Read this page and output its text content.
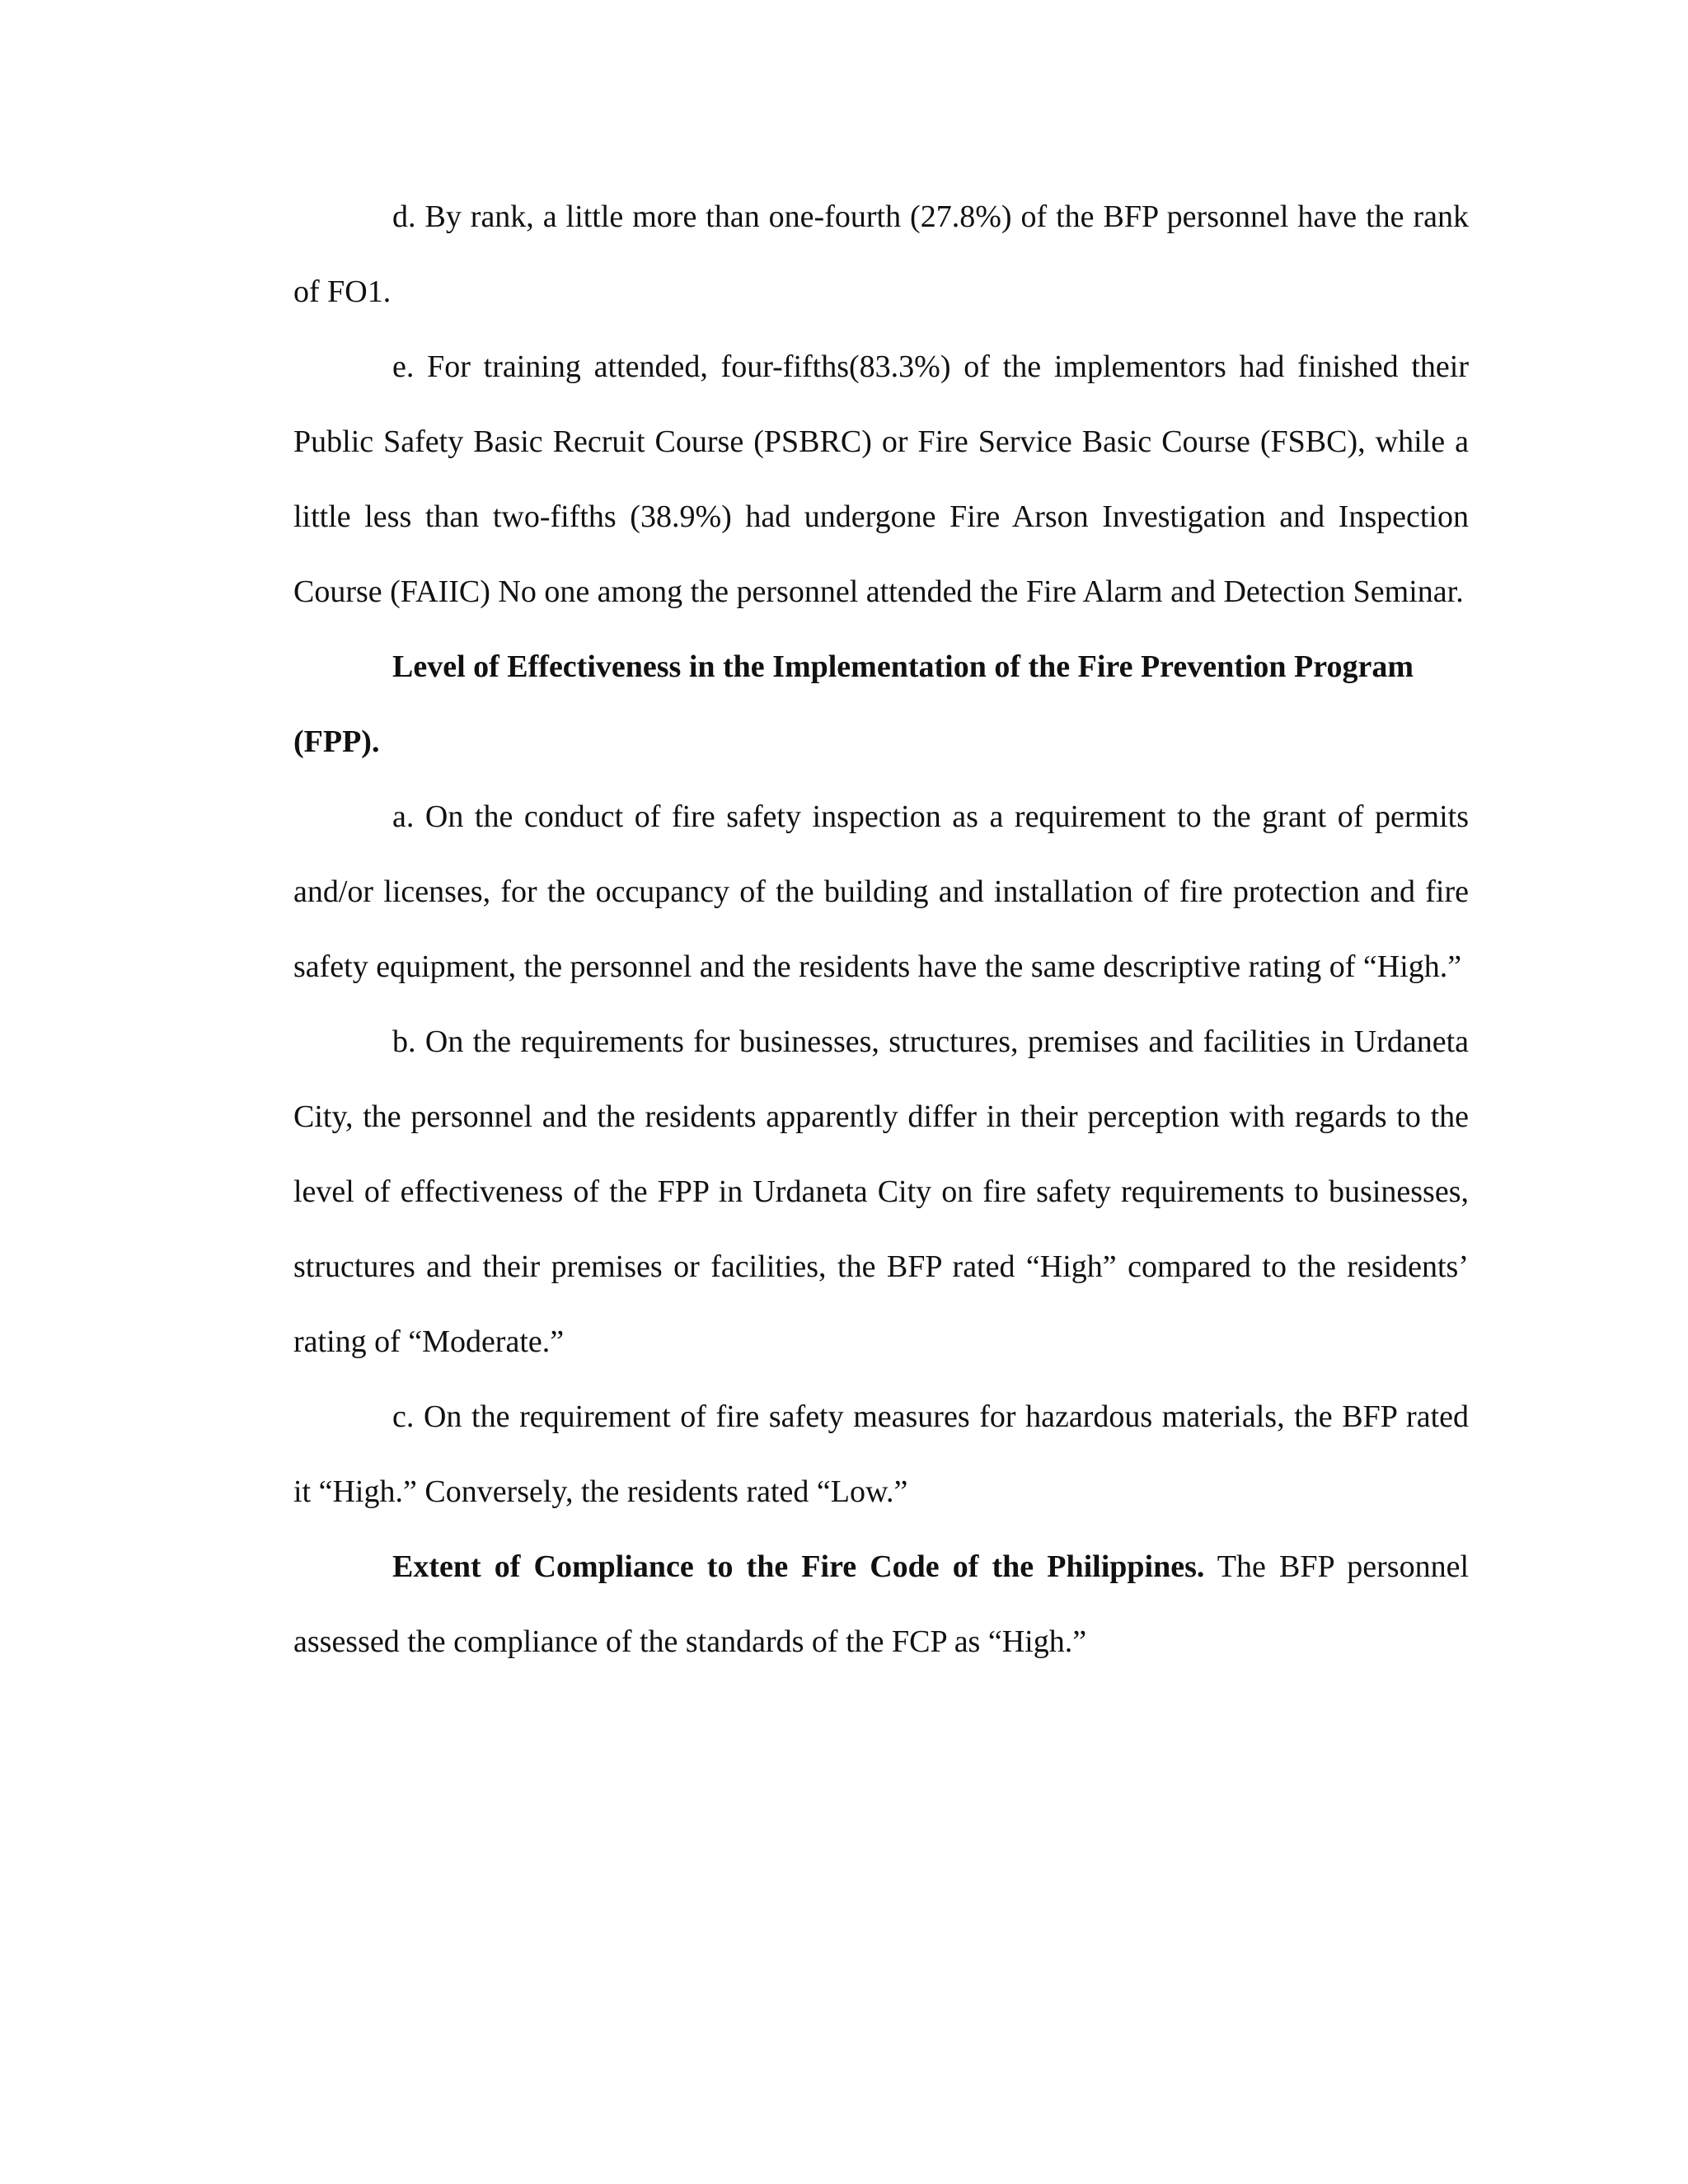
d. By rank, a little more than one-fourth (27.8%) of the BFP personnel have the rank of FO1.

e. For training attended, four-fifths(83.3%) of the implementors had finished their Public Safety Basic Recruit Course (PSBRC) or Fire Service Basic Course (FSBC), while a little less than two-fifths (38.9%) had undergone Fire Arson Investigation and Inspection Course (FAIIC) No one among the personnel attended the Fire Alarm and Detection Seminar.

Level of Effectiveness in the Implementation of the Fire Prevention Program (FPP).

a. On the conduct of fire safety inspection as a requirement to the grant of permits and/or licenses, for the occupancy of the building and installation of fire protection and fire safety equipment, the personnel and the residents have the same descriptive rating of “High.”

b. On the requirements for businesses, structures, premises and facilities in Urdaneta City, the personnel and the residents apparently differ in their perception with regards to the level of effectiveness of the FPP in Urdaneta City on fire safety requirements to businesses, structures and their premises or facilities, the BFP rated “High” compared to the residents’ rating of “Moderate.”

c. On the requirement of fire safety measures for hazardous materials, the BFP rated it “High.” Conversely, the residents rated “Low.”

Extent of Compliance to the Fire Code of the Philippines. The BFP personnel assessed the compliance of the standards of the FCP as “High.”
